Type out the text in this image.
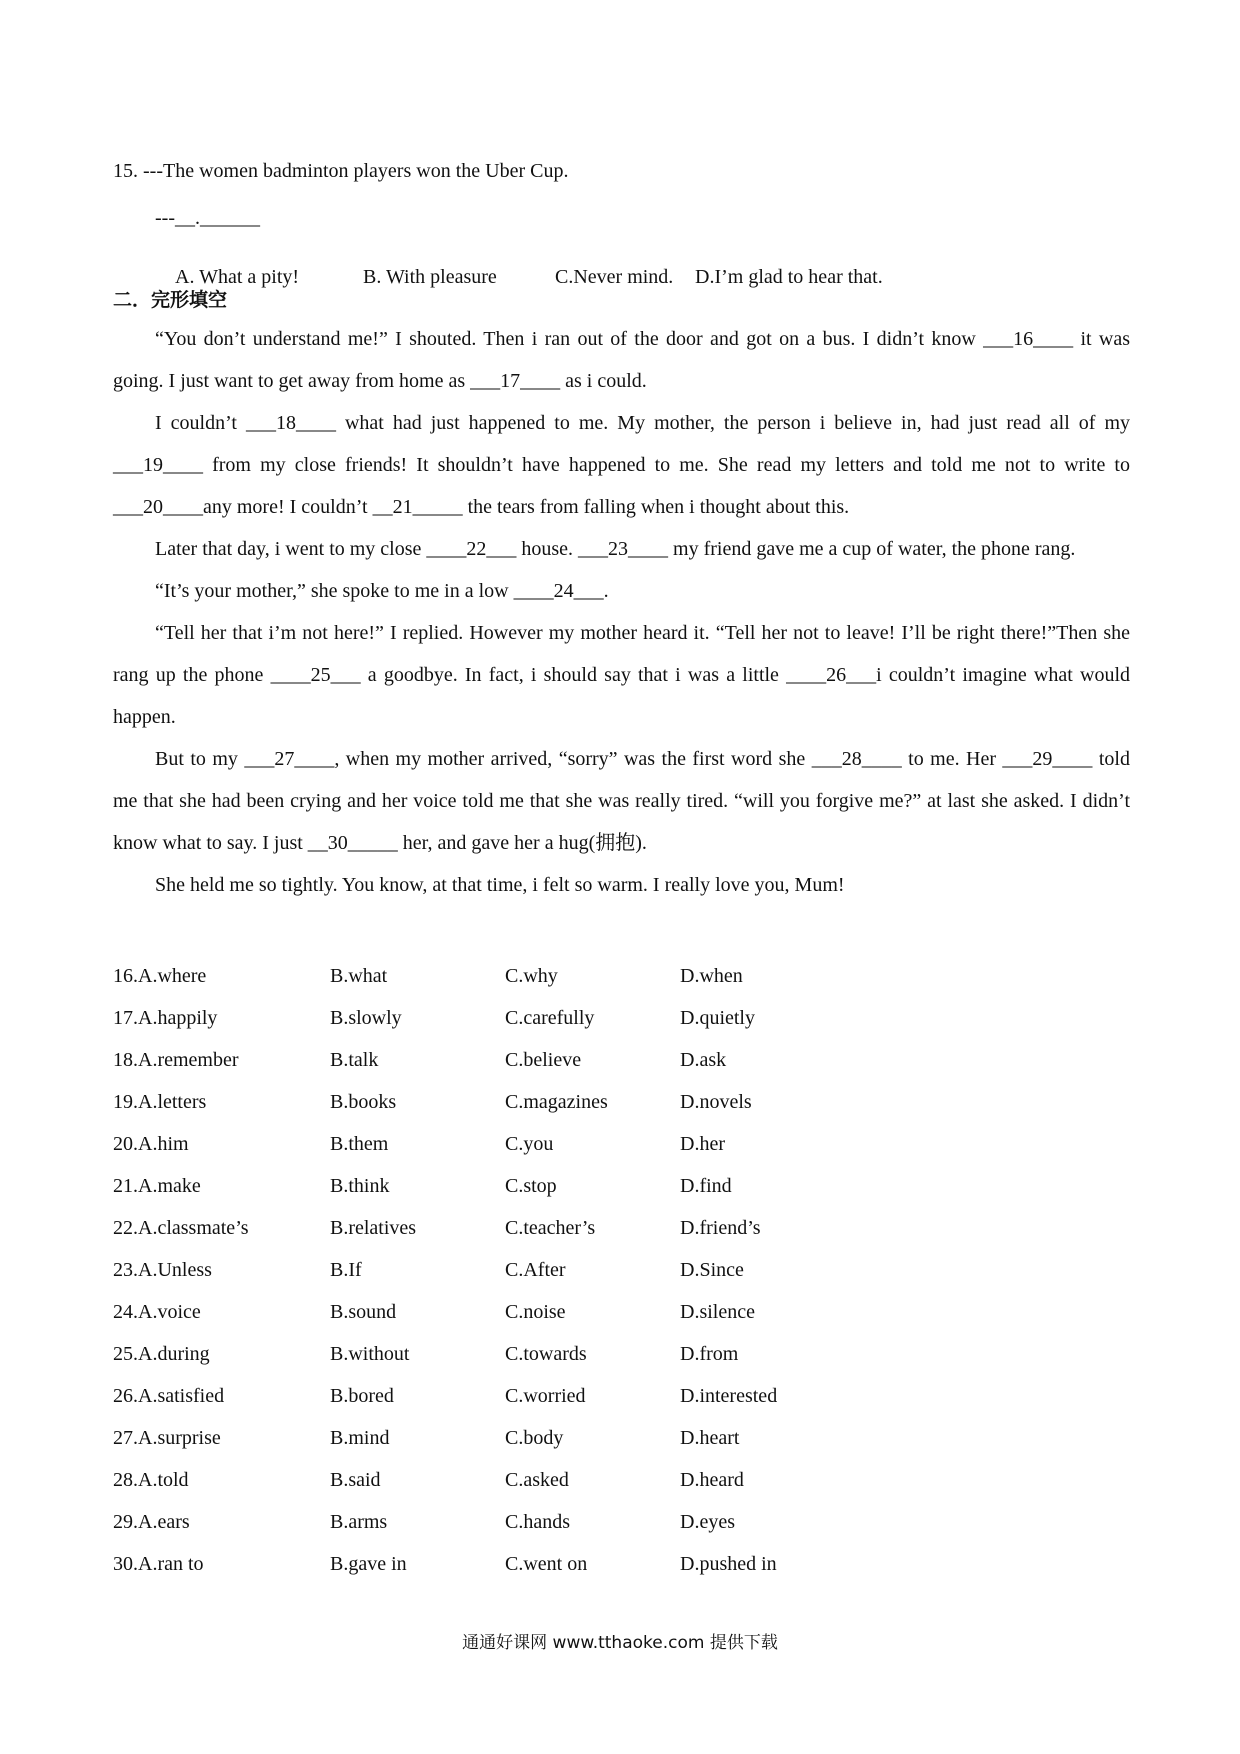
15. ---The women badminton players won the Uber Cup.
---__.______

A. What a pity!	B. With pleasure	C.Never mind. D.I’m glad to hear that.

二．完形填空

“You don’t understand me!” I shouted. Then i ran out of the door and got on a bus. I didn’t know ___16____ it was going. I just want to get away from home as ___17____ as i could.

I couldn’t ___18____ what had just happened to me. My mother, the person i believe in, had just read all of my ___19____ from my close friends! It shouldn’t have happened to me. She read my letters and told me not to write to ___20____any more! I couldn’t __21_____ the tears from falling when i thought about this.

Later that day, i went to my close ____22___ house. ___23____ my friend gave me a cup of water, the phone rang.

“It’s your mother,” she spoke to me in a low ____24___.

“Tell her that i’m not here!” I replied. However my mother heard it. “Tell her not to leave! I’ll be right there!”Then she rang up the phone ____25___ a goodbye. In fact, i should say that i was a little ____26___i couldn’t imagine what would happen.

But to my ___27____, when my mother arrived, “sorry” was the first word she ___28____ to me. Her ___29____ told me that she had been crying and her voice told me that she was really tired. “will you forgive me?” at last she asked. I didn’t know what to say. I just __30_____ her, and gave her a hug(拥抱).

She held me so tightly. You know, at that time, i felt so warm. I really love you, Mum!

16.A.where	B.what	C.why	D.when
17.A.happily	B.slowly	C.carefully	D.quietly
18.A.remember	B.talk	C.believe	D.ask
19.A.letters	B.books	C.magazines	D.novels
20.A.him	B.them	C.you	D.her
21.A.make	B.think	C.stop	D.find
22.A.classmate’s	B.relatives	C.teacher’s	D.friend’s
23.A.Unless	B.If	C.After	D.Since
24.A.voice	B.sound	C.noise	D.silence
25.A.during	B.without	C.towards	D.from
26.A.satisfied	B.bored	C.worried	D.interested
27.A.surprise	B.mind	C.body	D.heart
28.A.told	B.said	C.asked	D.heard
29.A.ears	B.arms	C.hands	D.eyes
30.A.ran to	B.gave in	C.went on	D.pushed in
通通好课网 www.tthaoke.com 提供下载
